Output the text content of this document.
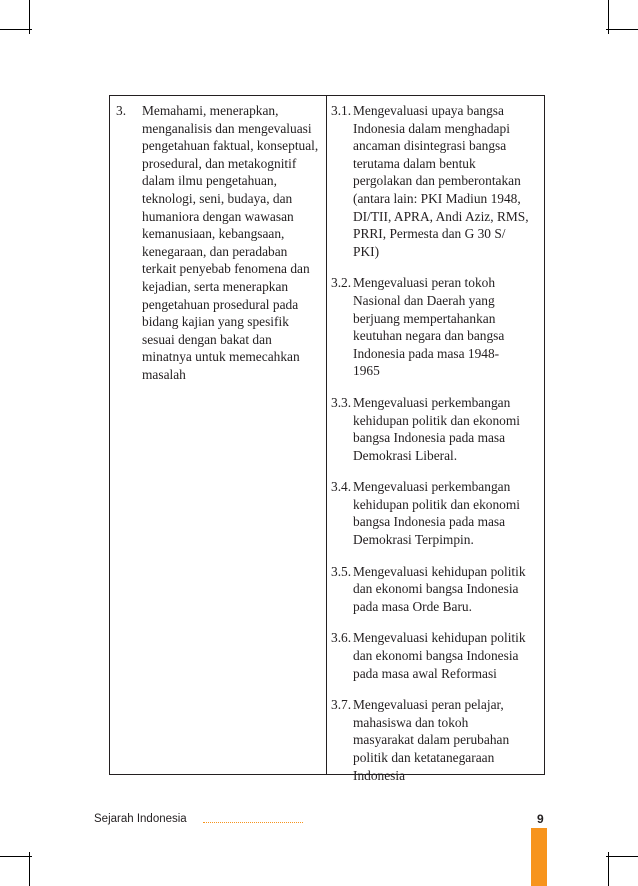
3.	Memahami, menerapkan,
menganalisis dan mengevaluasi
pengetahuan faktual, konseptual,
prosedural, dan metakognitif
dalam ilmu pengetahuan,
teknologi, seni, budaya, dan
humaniora dengan wawasan
kemanusiaan, kebangsaan,
kenegaraan, dan peradaban
terkait penyebab fenomena dan
kejadian, serta menerapkan
pengetahuan prosedural pada
bidang kajian yang spesifik
sesuai dengan bakat dan
minatnya untuk memecahkan
masalah
3.1. Mengevaluasi upaya bangsa
Indonesia dalam menghadapi
ancaman disintegrasi bangsa
terutama dalam bentuk
pergolakan dan pemberontakan
(antara lain: PKI Madiun 1948,
DI/TII, APRA, Andi Aziz, RMS,
PRRI, Permesta dan G 30 S/
PKI)
3.2. Mengevaluasi peran tokoh
Nasional dan Daerah yang
berjuang mempertahankan
keutuhan negara dan bangsa
Indonesia pada masa 1948-
1965
3.3. Mengevaluasi perkembangan
kehidupan politik dan ekonomi
bangsa Indonesia pada masa
Demokrasi Liberal.
3.4. Mengevaluasi perkembangan
kehidupan politik dan ekonomi
bangsa Indonesia pada masa
Demokrasi Terpimpin.
3.5. Mengevaluasi kehidupan politik
dan ekonomi bangsa Indonesia
pada masa Orde Baru.
3.6. Mengevaluasi kehidupan politik
dan ekonomi bangsa Indonesia
pada masa awal Reformasi
3.7. Mengevaluasi peran pelajar,
mahasiswa dan tokoh
masyarakat dalam perubahan
politik dan ketatanegaraan
Indonesia
Sejarah Indonesia	9
